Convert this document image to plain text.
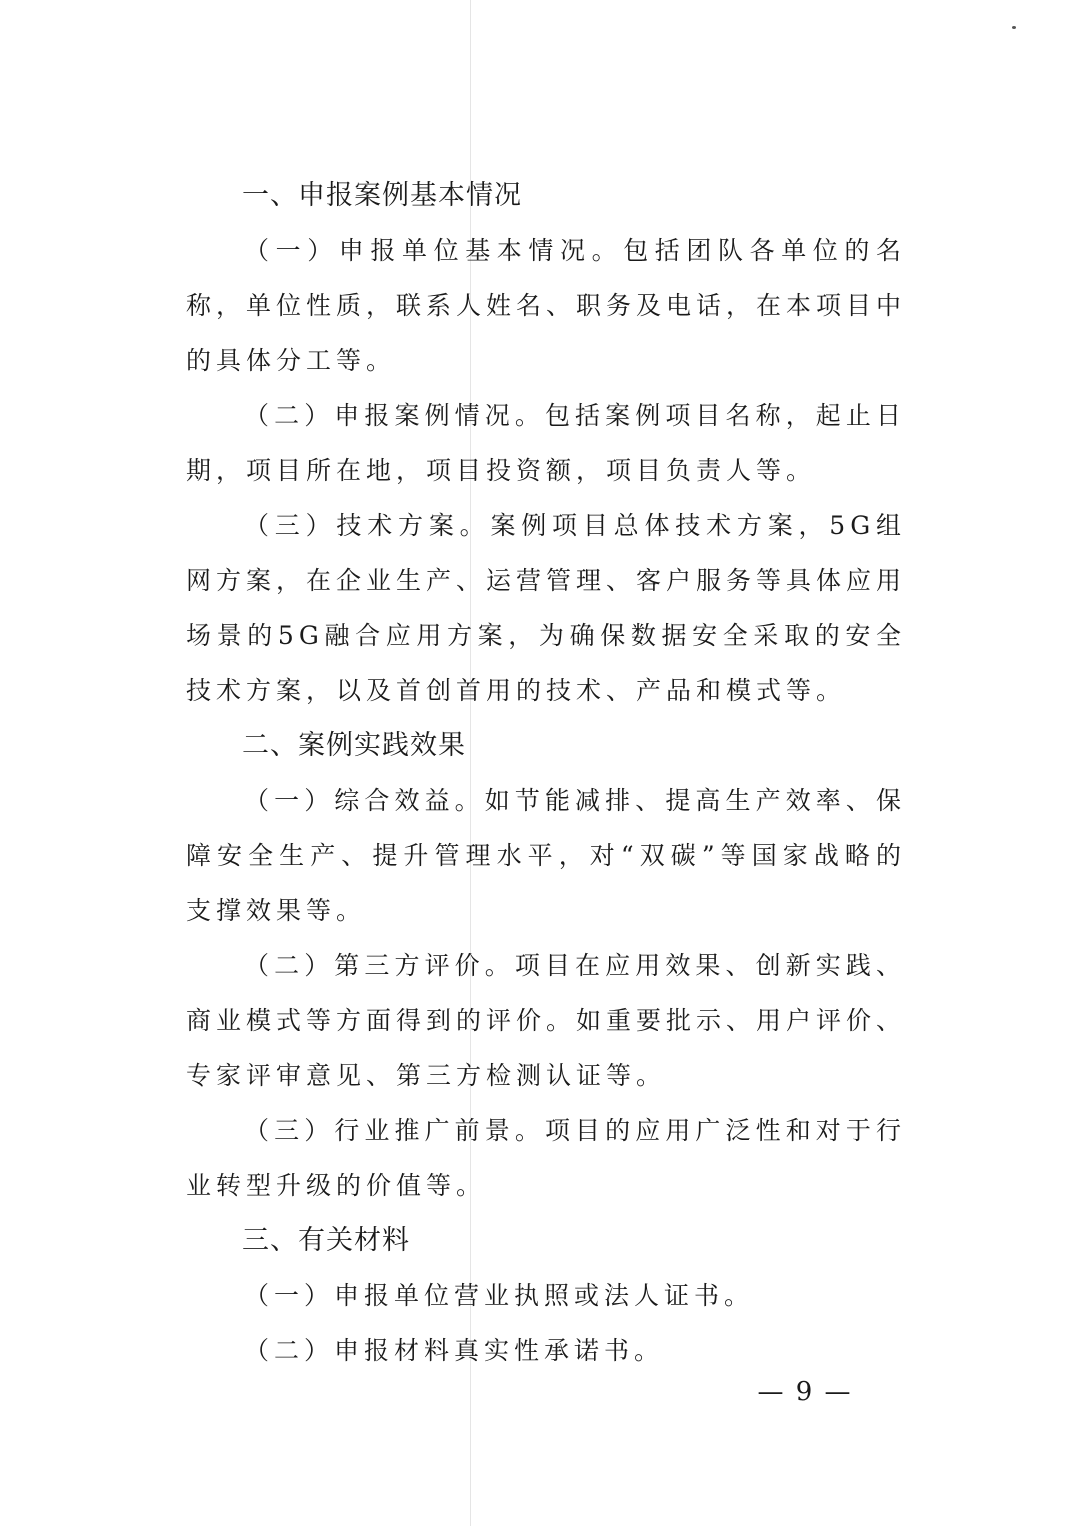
一、申报案例基本情况

（一）申报单位基本情况。包括团队各单位的名称，单位性质，联系人姓名、职务及电话，在本项目中的具体分工等。

（二）申报案例情况。包括案例项目名称，起止日期，项目所在地，项目投资额，项目负责人等。

（三）技术方案。案例项目总体技术方案，5G组网方案，在企业生产、运营管理、客户服务等具体应用场景的5G融合应用方案，为确保数据安全采取的安全技术方案，以及首创首用的技术、产品和模式等。

二、案例实践效果

（一）综合效益。如节能减排、提高生产效率、保障安全生产、提升管理水平，对“双碳”等国家战略的支撑效果等。

（二）第三方评价。项目在应用效果、创新实践、商业模式等方面得到的评价。如重要批示、用户评价、专家评审意见、第三方检测认证等。

（三）行业推广前景。项目的应用广泛性和对于行业转型升级的价值等。

三、有关材料

（一）申报单位营业执照或法人证书。

（二）申报材料真实性承诺书。

— 9 —
